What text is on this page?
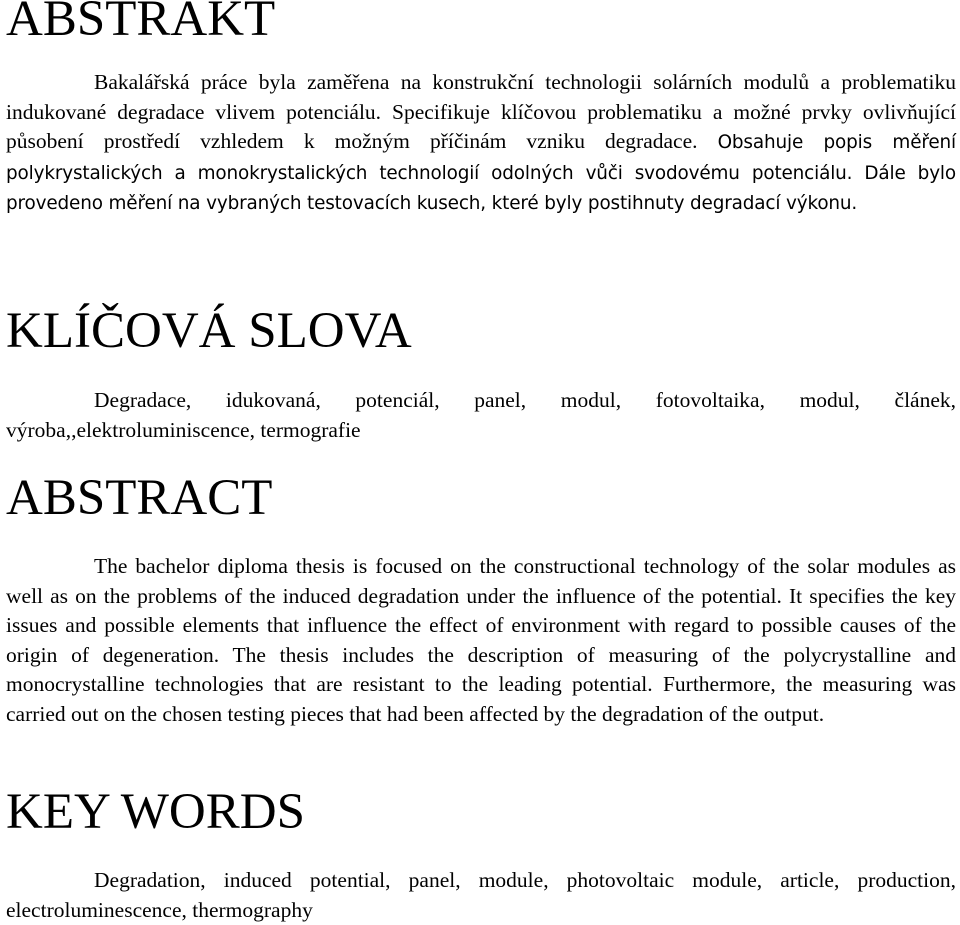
ABSTRAKT

Bakalářská práce byla zaměřena na konstrukční technologii solárních modulů a problematiku indukované degradace vlivem potenciálu. Specifikuje klíčovou problematiku a možné prvky ovlivňující působení prostředí vzhledem k možným příčinám vzniku degradace. Obsahuje popis měření polykrystalických a monokrystalických technologií odolných vůči svodovému potenciálu. Dále bylo provedeno měření na vybraných testovacích kusech, které byly postihnuty degradací výkonu.

KLÍČOVÁ SLOVA

Degradace, idukovaná, potenciál, panel, modul, fotovoltaika, modul, článek, výroba,,elektroluminiscence, termografie

ABSTRACT

The bachelor diploma thesis is focused on the constructional technology of the solar modules as well as on the problems of the induced degradation under the influence of the potential. It specifies the key issues and possible elements that influence the effect of environment with regard to possible causes of the origin of degeneration. The thesis includes the description of measuring of the polycrystalline and monocrystalline technologies that are resistant to the leading potential. Furthermore, the measuring was carried out on the chosen testing pieces that had been affected by the degradation of the output.

KEY WORDS

Degradation, induced potential, panel, module, photovoltaic module, article, production, electroluminescence, thermography
